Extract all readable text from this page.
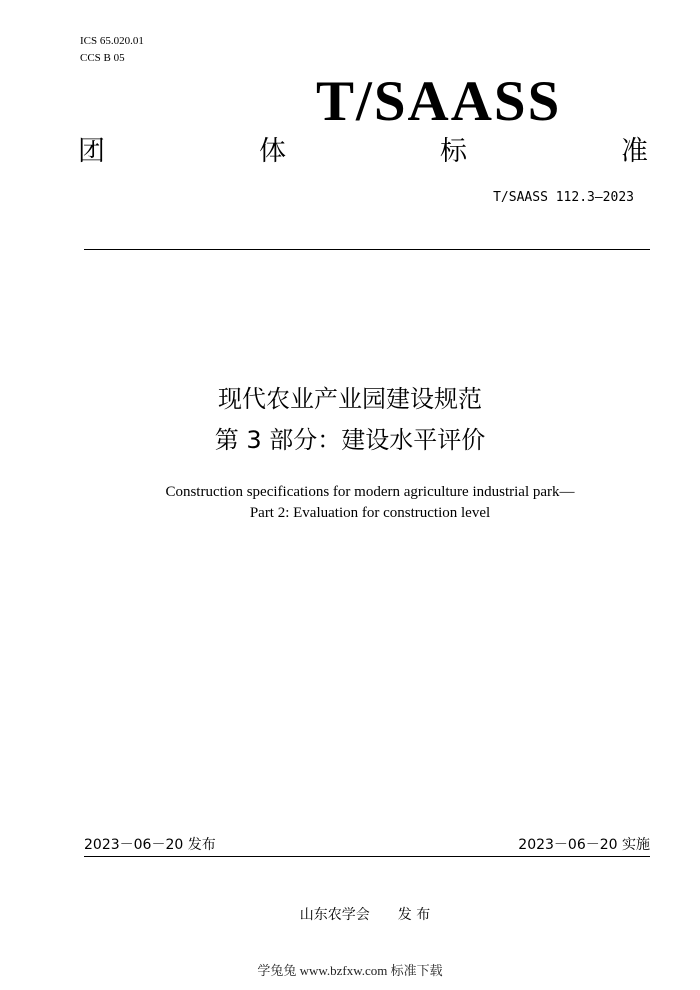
ICS 65.020.01
CCS B 05
T/SAASS
团	体	标	准
T/SAASS 112.3—2023
现代农业产业园建设规范
第 3 部分：建设水平评价
Construction specifications for modern agriculture industrial park—
Part 2: Evaluation for construction level
2023－06－20 发布	2023－06－20 实施
山东农学会 发 布
学兔兔 www.bzfxw.com 标准下载
